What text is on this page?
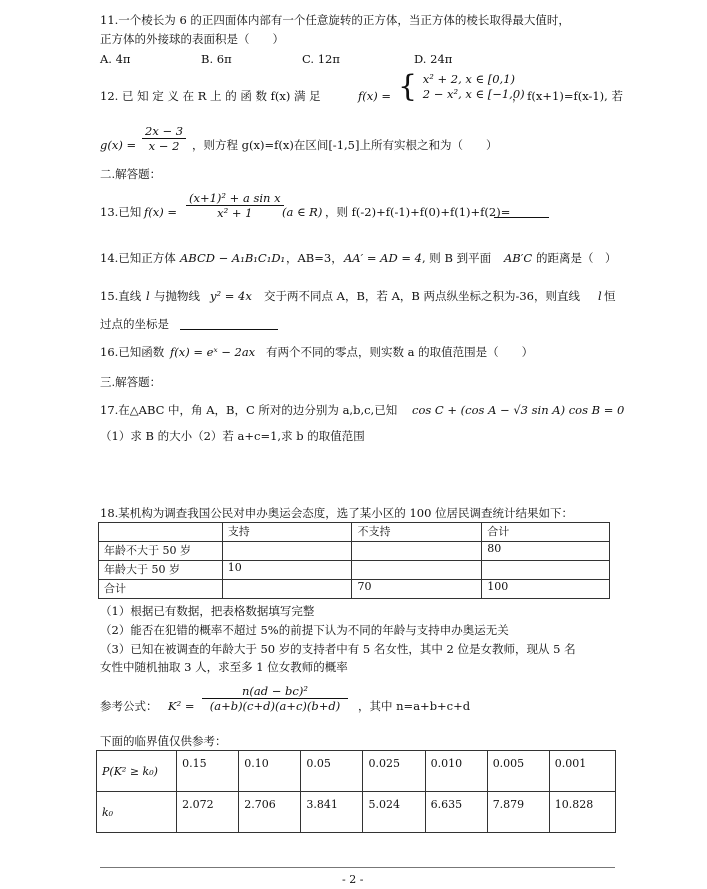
11.一个棱长为 6 的正四面体内部有一个任意旋转的正方体，当正方体的棱长取得最大值时，
正方体的外接球的表面积是（　　）
A. 4π	B. 6π	C. 12π	D. 24π
12. 已 知 定 义 在 R 上 的 函 数 f(x) 满 足	f(x) = { x² + 2, x ∈ [0,1)
2 − x², x ∈ [−1,0)
， f(x+1)=f(x-1), 若
$g(x) = \frac{2x - 3}{x - 2}$ ，则方程 g(x)=f(x)在区间[-1,5]上所有实根之和为（　　）
二.解答题：
13.已知 $f(x) = \frac{\text{(x+1)² + a sin x}}{\text{x² + 1}}$
(a ∈ R) ，则 f(-2)+f(-1)+f(0)+f(1)+f(2)=
14.已知正方体 ABCD − A₁B₁C₁D₁ ，AB=3， AA′ = AD = 4 , 则 B 到平面 AB′C 的距离是（　）
15.直线 l 与抛物线 y² = 4x 交于两不同点 A，B，若 A，B 两点纵坐标之积为-36，则直线 l 恒
过点的坐标是
16.已知函数 f(x) = eˣ − 2ax 有两个不同的零点，则实数 a 的取值范围是（　　）
三.解答题：
17.在△ABC 中，角 A，B，C 所对的边分别为 a,b,c,已知 cos C + (cos A − √3 sin A) cos B = 0
（1）求 B 的大小（2）若 a+c=1,求 b 的取值范围
18.某机构为调查我国公民对申办奥运会态度，选了某小区的 100 位居民调查统计结果如下：
	支持	不支持	合计
年龄不大于 50 岁			80
年龄大于 50 岁	10		
合计		70	100
（1）根据已有数据，把表格数据填写完整
（2）能否在犯错的概率不超过 5%的前提下认为不同的年龄与支持申办奥运无关
（3）已知在被调查的年龄大于 50 岁的支持者中有 5 名女性，其中 2 位是女教师，现从 5 名
女性中随机抽取 3 人，求至多 1 位女教师的概率
参考公式： $K^2 = \frac{\text{n(ad − bc)²}}{(a+b)(c+d)(a+c)(b+d)}$ ，其中 n=a+b+c+d
下面的临界值仅供参考：
P(K² ≥ k₀)	0.15	0.10	0.05	0.025	0.010	0.005	0.001
k₀	2.072	2.706	3.841	5.024	6.635	7.879	10.828
- 2 -
